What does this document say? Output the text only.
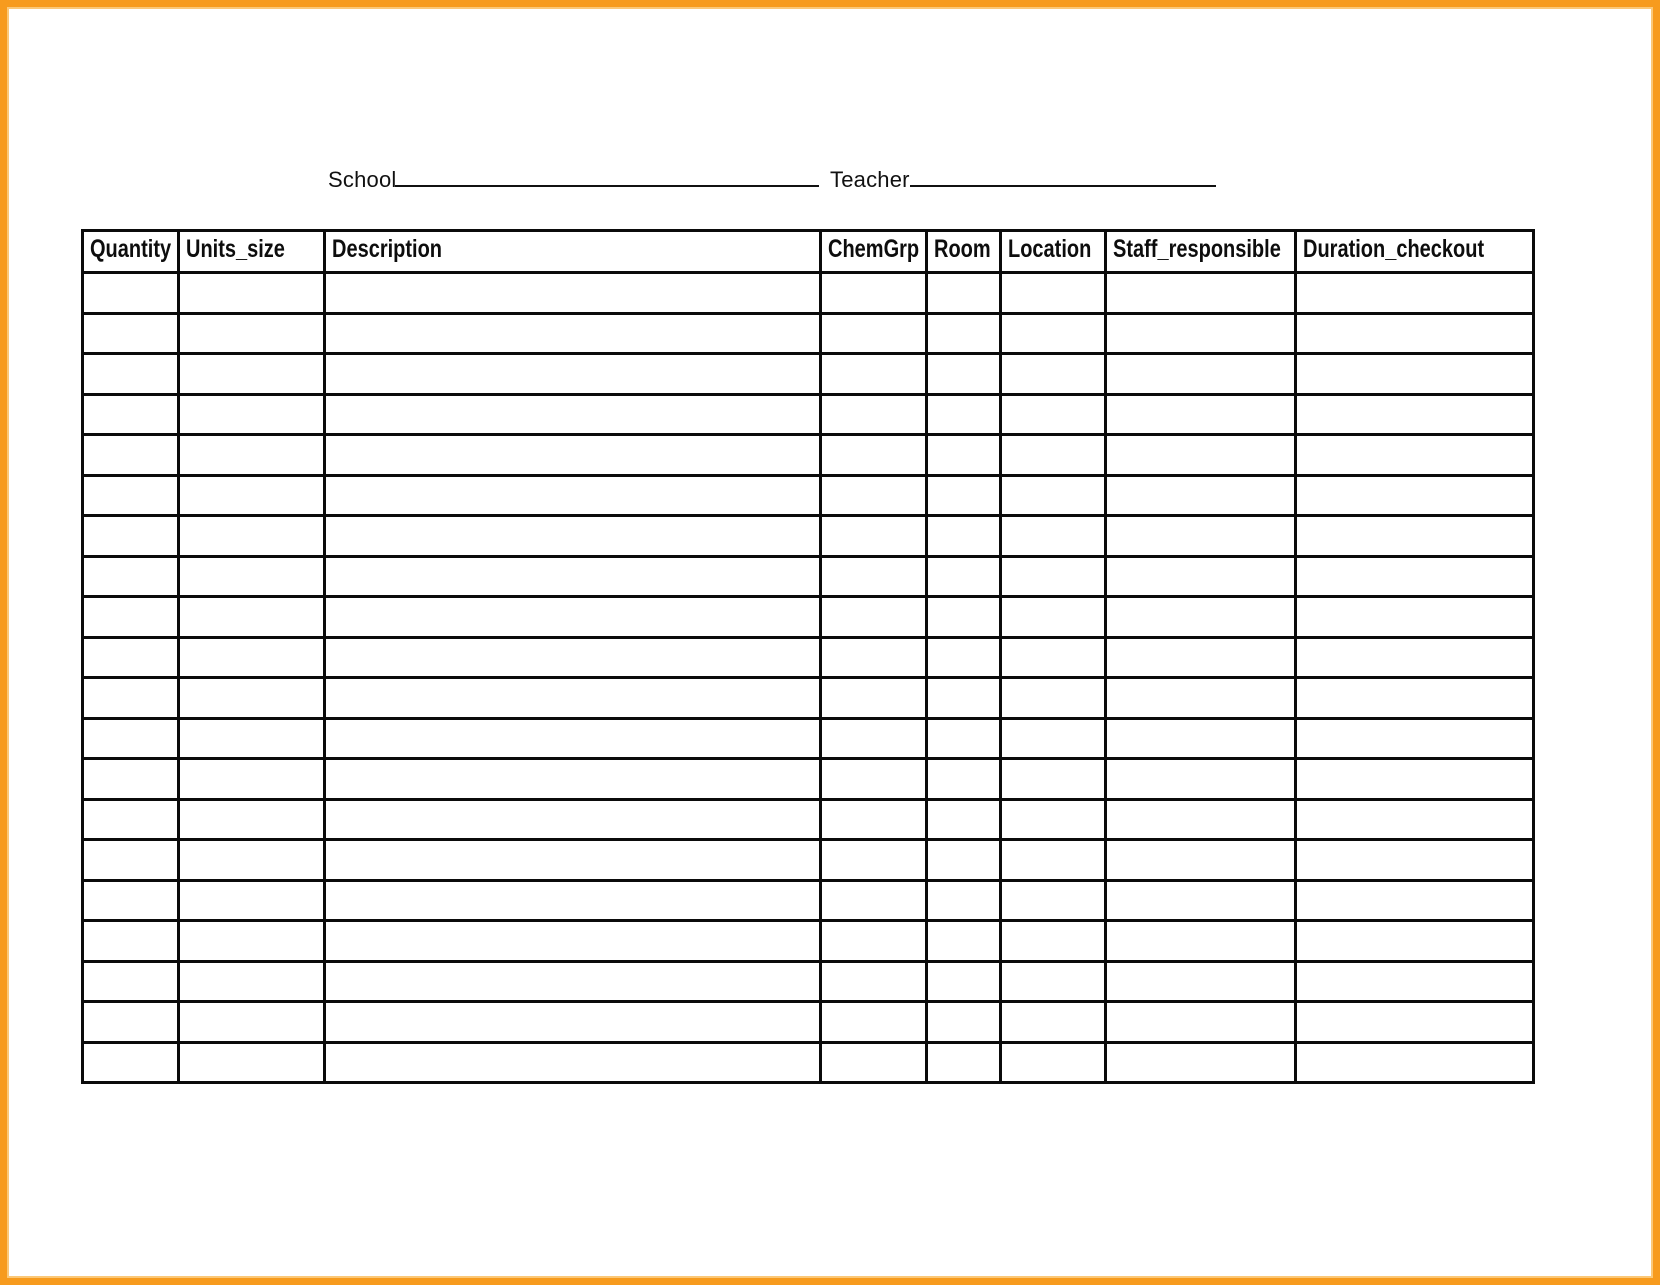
School	Teacher
Quantity	Units_size	Description	ChemGrp	Room	Location	Staff_responsible	Duration_checkout
